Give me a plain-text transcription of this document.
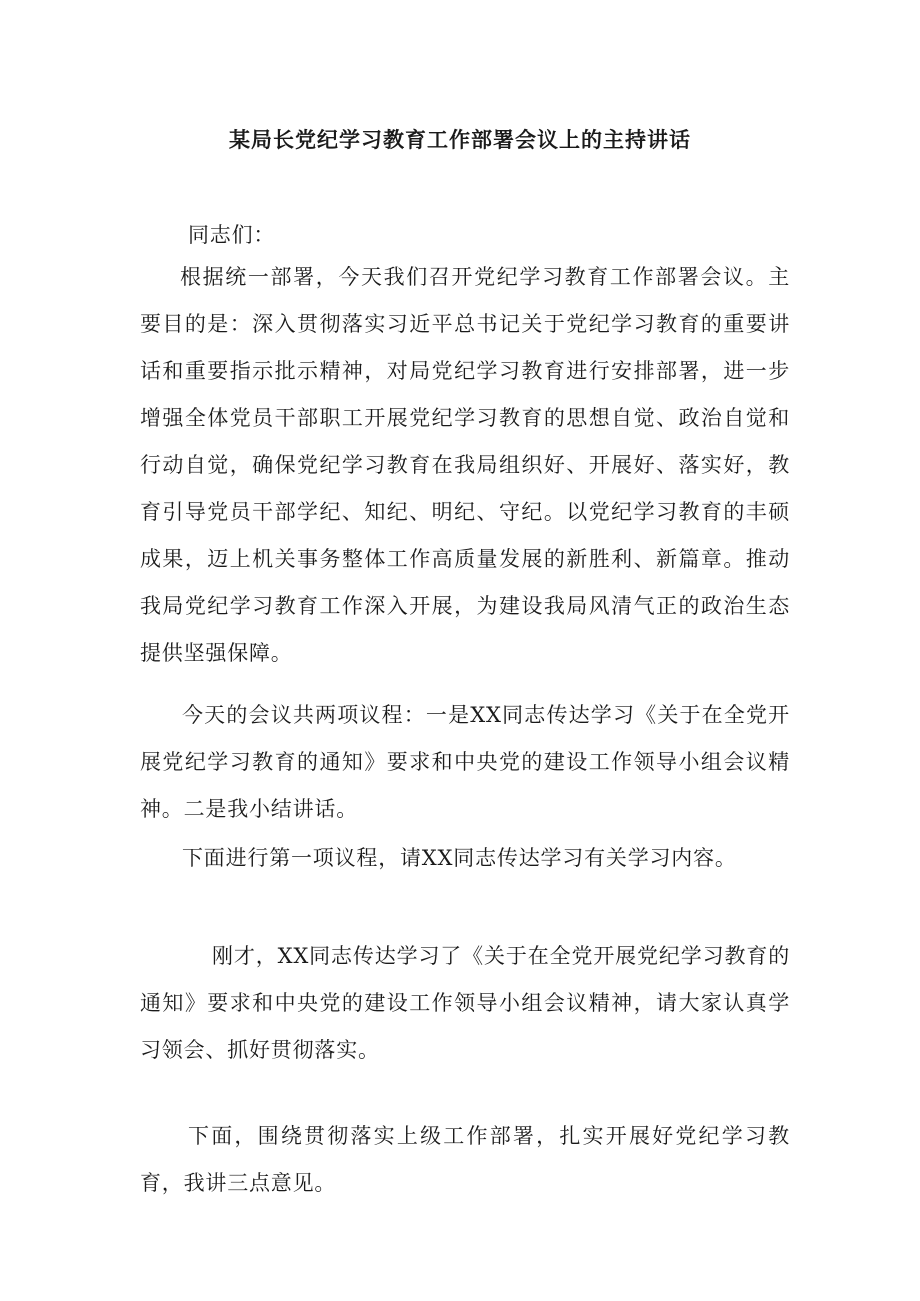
某局长党纪学习教育工作部署会议上的主持讲话

同志们：

根据统一部署，今天我们召开党纪学习教育工作部署会议。主要目的是：深入贯彻落实习近平总书记关于党纪学习教育的重要讲话和重要指示批示精神，对局党纪学习教育进行安排部署，进一步增强全体党员干部职工开展党纪学习教育的思想自觉、政治自觉和行动自觉，确保党纪学习教育在我局组织好、开展好、落实好，教育引导党员干部学纪、知纪、明纪、守纪。以党纪学习教育的丰硕成果，迈上机关事务整体工作高质量发展的新胜利、新篇章。推动我局党纪学习教育工作深入开展，为建设我局风清气正的政治生态提供坚强保障。

今天的会议共两项议程：一是XX同志传达学习《关于在全党开展党纪学习教育的通知》要求和中央党的建设工作领导小组会议精神。二是我小结讲话。

下面进行第一项议程，请XX同志传达学习有关学习内容。

刚才，XX同志传达学习了《关于在全党开展党纪学习教育的通知》要求和中央党的建设工作领导小组会议精神，请大家认真学习领会、抓好贯彻落实。

下面，围绕贯彻落实上级工作部署，扎实开展好党纪学习教育，我讲三点意见。
